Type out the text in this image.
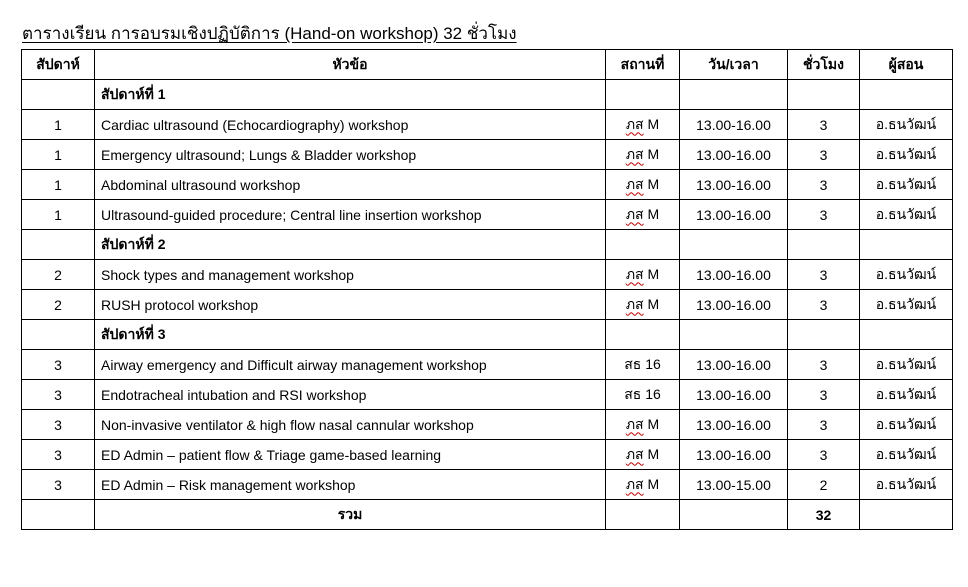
ตารางเรียน การอบรมเชิงปฏิบัติการ (Hand-on workshop) 32 ชั่วโมง
สัปดาห์	หัวข้อ	สถานที่	วัน/เวลา	ชั่วโมง	ผู้สอน
	สัปดาห์ที่ 1				
1	Cardiac ultrasound (Echocardiography) workshop	ภส M	13.00-16.00	3	อ.ธนวัฒน์
1	Emergency ultrasound; Lungs & Bladder workshop	ภส M	13.00-16.00	3	อ.ธนวัฒน์
1	Abdominal ultrasound workshop	ภส M	13.00-16.00	3	อ.ธนวัฒน์
1	Ultrasound-guided procedure; Central line insertion workshop	ภส M	13.00-16.00	3	อ.ธนวัฒน์
	สัปดาห์ที่ 2				
2	Shock types and management workshop	ภส M	13.00-16.00	3	อ.ธนวัฒน์
2	RUSH protocol workshop	ภส M	13.00-16.00	3	อ.ธนวัฒน์
	สัปดาห์ที่ 3				
3	Airway emergency and Difficult airway management workshop	สธ 16	13.00-16.00	3	อ.ธนวัฒน์
3	Endotracheal intubation and RSI workshop	สธ 16	13.00-16.00	3	อ.ธนวัฒน์
3	Non-invasive ventilator & high flow nasal cannular workshop	ภส M	13.00-16.00	3	อ.ธนวัฒน์
3	ED Admin – patient flow & Triage game-based learning	ภส M	13.00-16.00	3	อ.ธนวัฒน์
3	ED Admin – Risk management workshop	ภส M	13.00-15.00	2	อ.ธนวัฒน์
	รวม			32	
